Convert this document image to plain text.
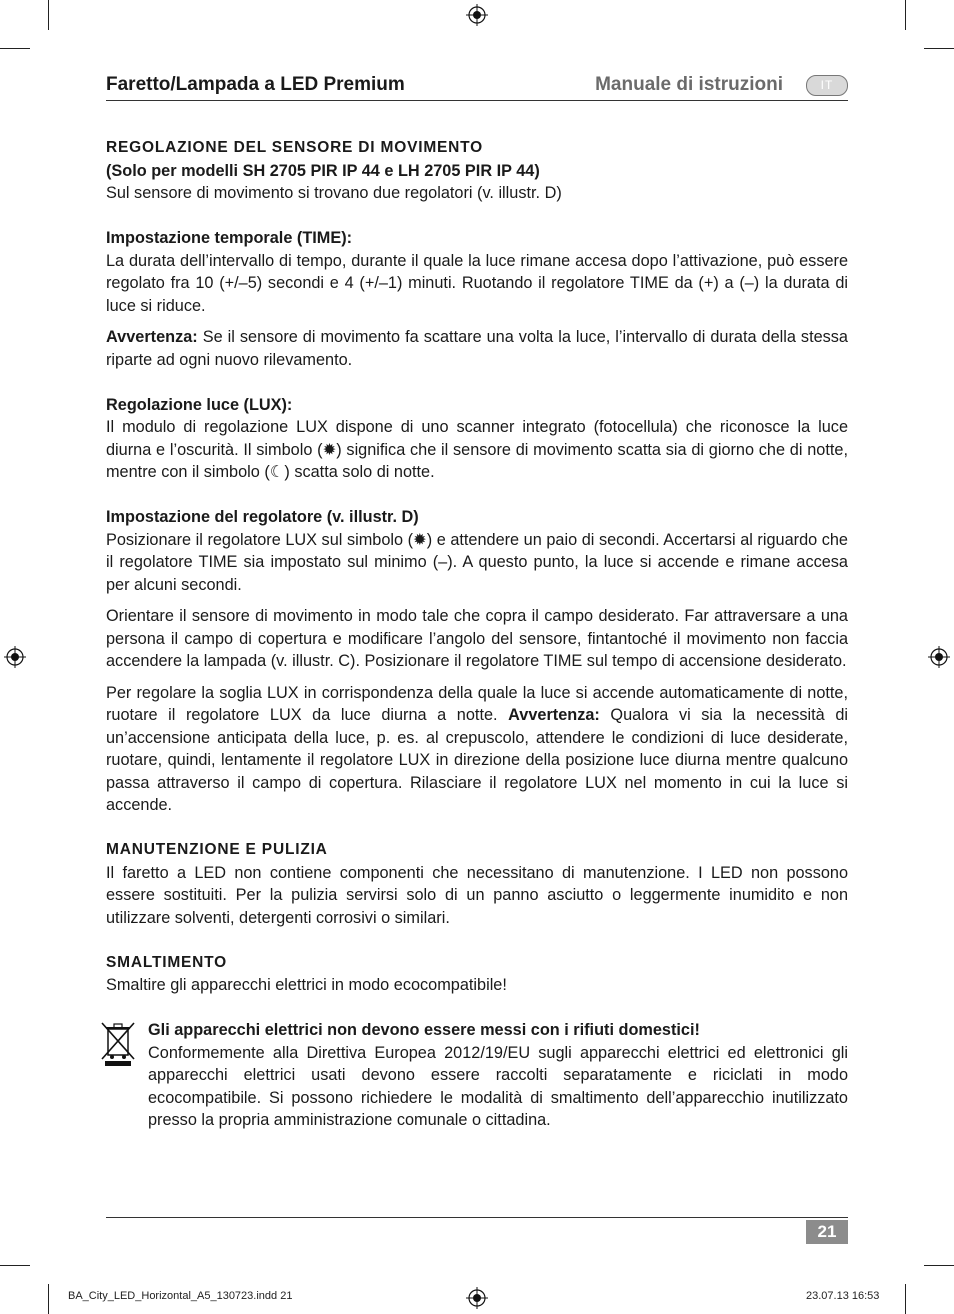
Faretto/Lampada a LED Premium	Manuale di istruzioni	IT

REGOLAZIONE DEL SENSORE DI MOVIMENTO

(Solo per modelli SH 2705 PIR IP 44 e LH 2705 PIR IP 44)

Sul sensore di movimento si trovano due regolatori (v. illustr. D)

Impostazione temporale (TIME):

La durata dell’intervallo di tempo, durante il quale la luce rimane accesa dopo l’attivazione, può essere regolato fra 10 (+/–5) secondi e 4 (+/–1) minuti. Ruotando il regolatore TIME da (+) a (–) la durata di luce si riduce.

Avvertenza: Se il sensore di movimento fa scattare una volta la luce, l’intervallo di durata della stessa riparte ad ogni nuovo rilevamento.

Regolazione luce (LUX):

Il modulo di regolazione LUX dispone di uno scanner integrato (fotocellula) che riconosce la luce diurna e l’oscurità. Il simbolo (✹) significa che il sensore di movimento scatta sia di giorno che di notte, mentre con il simbolo (☾) scatta solo di notte.

Impostazione del regolatore (v. illustr. D)

Posizionare il regolatore LUX sul simbolo (✹) e attendere un paio di secondi. Accertarsi al riguardo che il regolatore TIME sia impostato sul minimo (–). A questo punto, la luce si accende e rimane accesa per alcuni secondi.

Orientare il sensore di movimento in modo tale che copra il campo desiderato. Far attraversare a una persona il campo di copertura e modificare l’angolo del sensore, fintantoché il movimento non faccia accendere la lampada (v. illustr. C). Posizionare il regolatore TIME sul tempo di accensione desiderato.

Per regolare la soglia LUX in corrispondenza della quale la luce si accende automaticamente di notte, ruotare il regolatore LUX da luce diurna a notte. Avvertenza: Qualora vi sia la necessità di un’accensione anticipata della luce, p. es. al crepuscolo, attendere le condizioni di luce desiderate, ruotare, quindi, lentamente il regolatore LUX in direzione della posizione luce diurna mentre qualcuno passa attraverso il campo di copertura. Rilasciare il regolatore LUX nel momento in cui la luce si accende.

MANUTENZIONE E PULIZIA

Il faretto a LED non contiene componenti che necessitano di manutenzione. I LED non possono essere sostituiti. Per la pulizia servirsi solo di un panno asciutto o leggermente inumidito e non utilizzare solventi, detergenti corrosivi o similari.

SMALTIMENTO

Smaltire gli apparecchi elettrici in modo ecocompatibile!

Gli apparecchi elettrici non devono essere messi con i rifiuti domestici!

Conformemente alla Direttiva Europea 2012/19/EU sugli apparecchi elettrici ed elettronici gli apparecchi elettrici usati devono essere raccolti separatamente e riciclati in modo ecocompatibile. Si possono richiedere le modalità di smaltimento dell’apparecchio inutilizzato presso la propria amministrazione comunale o cittadina.

21
BA_City_LED_Horizontal_A5_130723.indd 21	23.07.13 16:53
